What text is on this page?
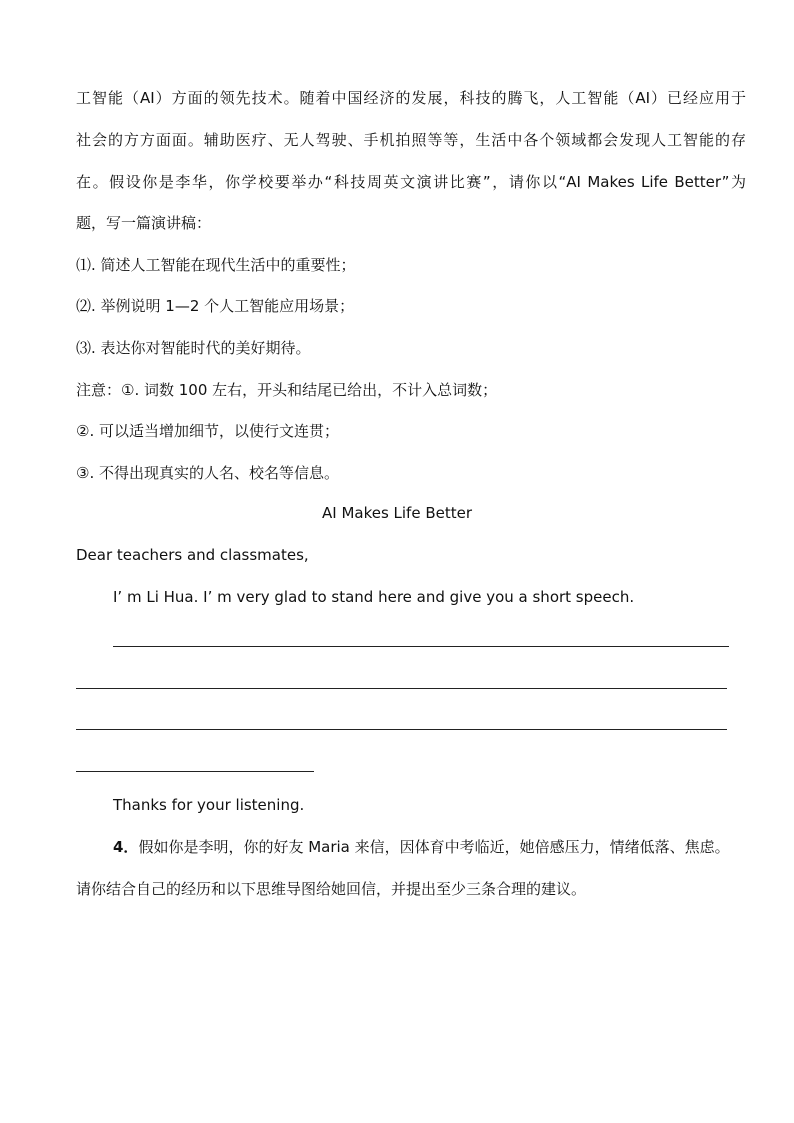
工智能（AI）方面的领先技术。随着中国经济的发展，科技的腾飞，人工智能（AI）已经应用于
社会的方方面面。辅助医疗、无人驾驶、手机拍照等等，生活中各个领域都会发现人工智能的存
在。假设你是李华，你学校要举办“科技周英文演讲比赛”，请你以“AI Makes Life Better”为
题，写一篇演讲稿：
⑴. 简述人工智能在现代生活中的重要性；
⑵. 举例说明 1—2 个人工智能应用场景；
⑶. 表达你对智能时代的美好期待。
注意：①. 词数 100 左右，开头和结尾已给出，不计入总词数；
②. 可以适当增加细节，以使行文连贯；
③. 不得出现真实的人名、校名等信息。
AI Makes Life Better
Dear teachers and classmates,
I’ m Li Hua. I’ m very glad to stand here and give you a short speech.
Thanks for your listening.
4．假如你是李明，你的好友 Maria 来信，因体育中考临近，她倍感压力，情绪低落、焦虑。
请你结合自己的经历和以下思维导图给她回信，并提出至少三条合理的建议。
